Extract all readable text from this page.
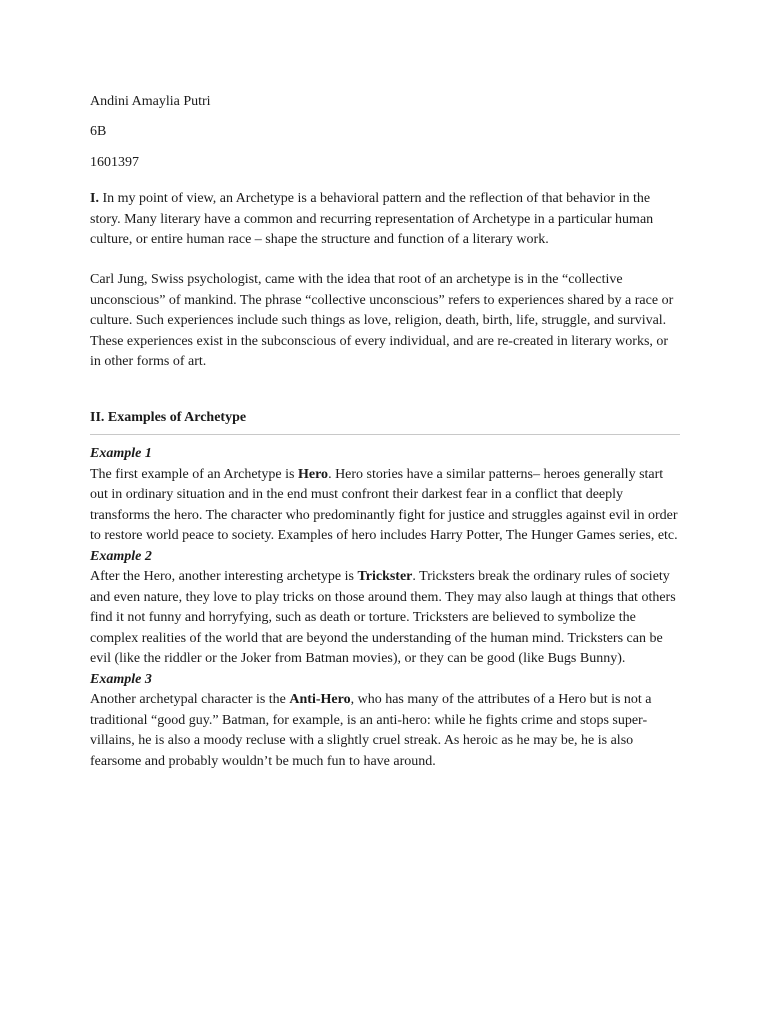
Andini Amaylia Putri

6B

1601397

I. In my point of view, an Archetype is a behavioral pattern and the reflection of that behavior in the story. Many literary have a common and recurring representation of Archetype in a particular human culture, or entire human race – shape the structure and function of a literary work.

Carl Jung, Swiss psychologist, came with the idea that root of an archetype is in the “collective unconscious” of mankind. The phrase “collective unconscious” refers to experiences shared by a race or culture. Such experiences include such things as love, religion, death, birth, life, struggle, and survival. These experiences exist in the subconscious of every individual, and are re-created in literary works, or in other forms of art.

II. Examples of Archetype

Example 1
The first example of an Archetype is Hero. Hero stories have a similar patterns– heroes generally start out in ordinary situation and in the end must confront their darkest fear in a conflict that deeply transforms the hero. The character who predominantly fight for justice and struggles against evil in order to restore world peace to society. Examples of hero includes Harry Potter, The Hunger Games series, etc.
Example 2
After the Hero, another interesting archetype is Trickster. Tricksters break the ordinary rules of society and even nature, they love to play tricks on those around them. They may also laugh at things that others find it not funny and horryfying, such as death or torture. Tricksters are believed to symbolize the complex realities of the world that are beyond the understanding of the human mind. Tricksters can be evil (like the riddler or the Joker from Batman movies), or they can be good (like Bugs Bunny).
Example 3
Another archetypal character is the Anti-Hero, who has many of the attributes of a Hero but is not a traditional “good guy.” Batman, for example, is an anti-hero: while he fights crime and stops super-villains, he is also a moody recluse with a slightly cruel streak. As heroic as he may be, he is also fearsome and probably wouldn’t be much fun to have around.
